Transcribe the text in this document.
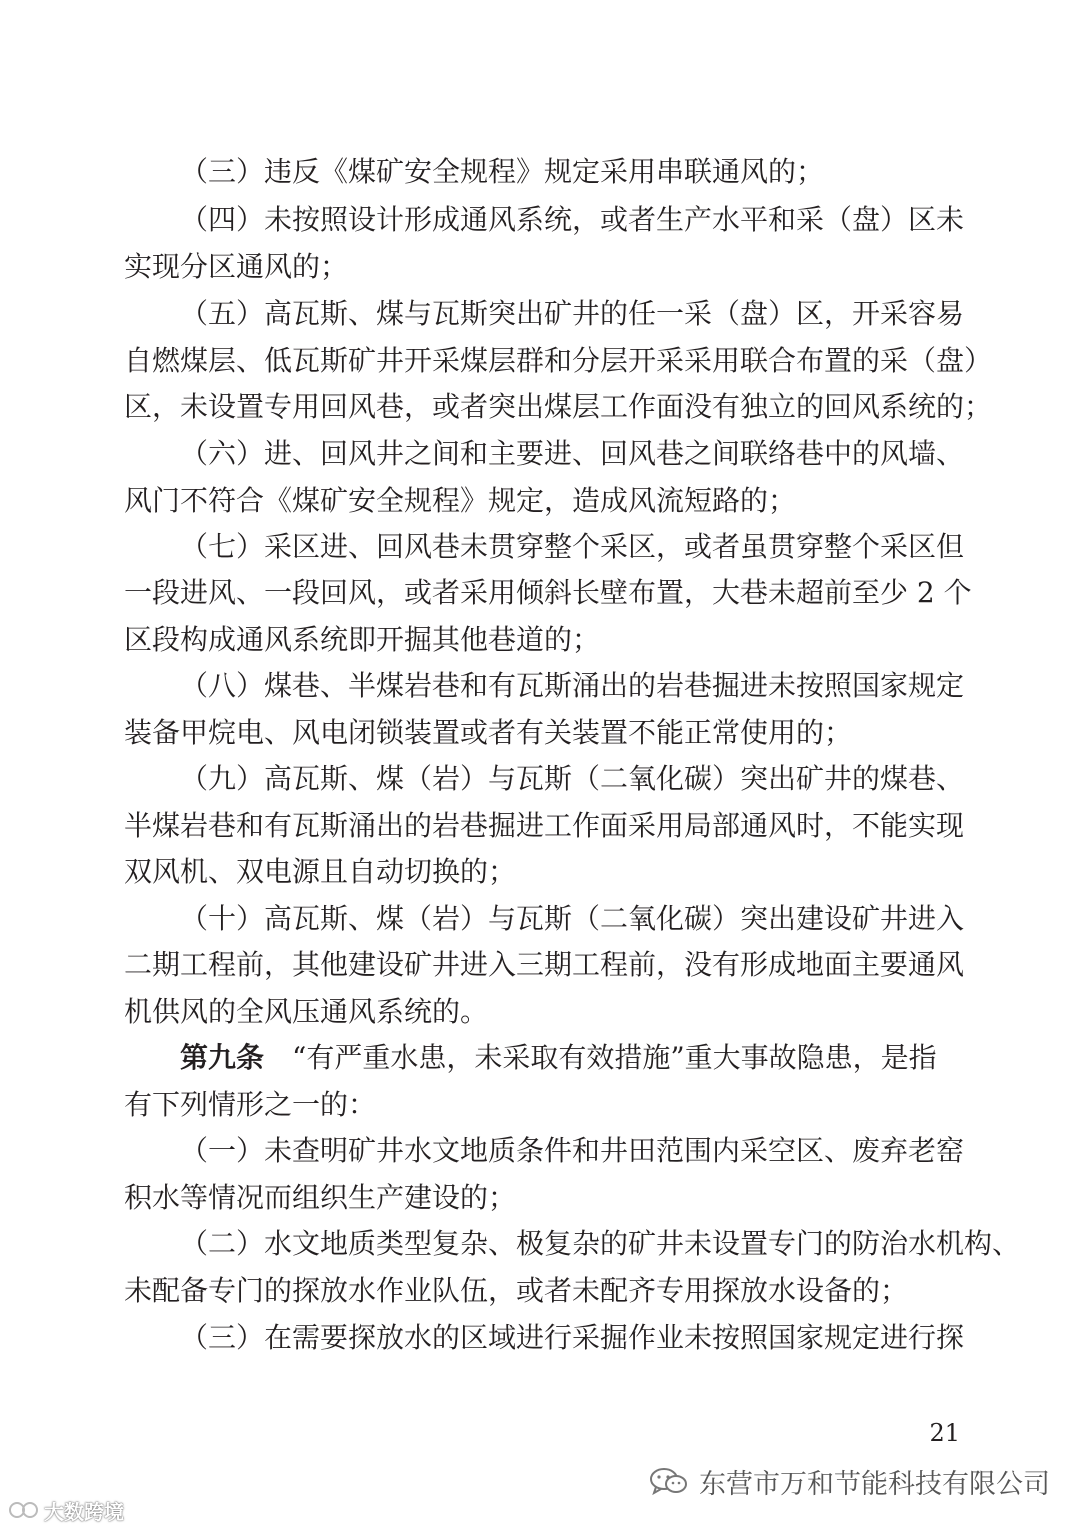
（三）违反《煤矿安全规程》规定采用串联通风的；
（四）未按照设计形成通风系统，或者生产水平和采（盘）区未
实现分区通风的；
（五）高瓦斯、煤与瓦斯突出矿井的任一采（盘）区，开采容易
自燃煤层、低瓦斯矿井开采煤层群和分层开采采用联合布置的采（盘）
区，未设置专用回风巷，或者突出煤层工作面没有独立的回风系统的；
（六）进、回风井之间和主要进、回风巷之间联络巷中的风墙、
风门不符合《煤矿安全规程》规定，造成风流短路的；
（七）采区进、回风巷未贯穿整个采区，或者虽贯穿整个采区但
一段进风、一段回风，或者采用倾斜长壁布置，大巷未超前至少 2 个
区段构成通风系统即开掘其他巷道的；
（八）煤巷、半煤岩巷和有瓦斯涌出的岩巷掘进未按照国家规定
装备甲烷电、风电闭锁装置或者有关装置不能正常使用的；
（九）高瓦斯、煤（岩）与瓦斯（二氧化碳）突出矿井的煤巷、
半煤岩巷和有瓦斯涌出的岩巷掘进工作面采用局部通风时，不能实现
双风机、双电源且自动切换的；
（十）高瓦斯、煤（岩）与瓦斯（二氧化碳）突出建设矿井进入
二期工程前，其他建设矿井进入三期工程前，没有形成地面主要通风
机供风的全风压通风系统的。
第九条 “有严重水患，未采取有效措施”重大事故隐患，是指
有下列情形之一的：
（一）未查明矿井水文地质条件和井田范围内采空区、废弃老窑
积水等情况而组织生产建设的；
（二）水文地质类型复杂、极复杂的矿井未设置专门的防治水机构、
未配备专门的探放水作业队伍，或者未配齐专用探放水设备的；
（三）在需要探放水的区域进行采掘作业未按照国家规定进行探
21
东营市万和节能科技有限公司
大数跨境
